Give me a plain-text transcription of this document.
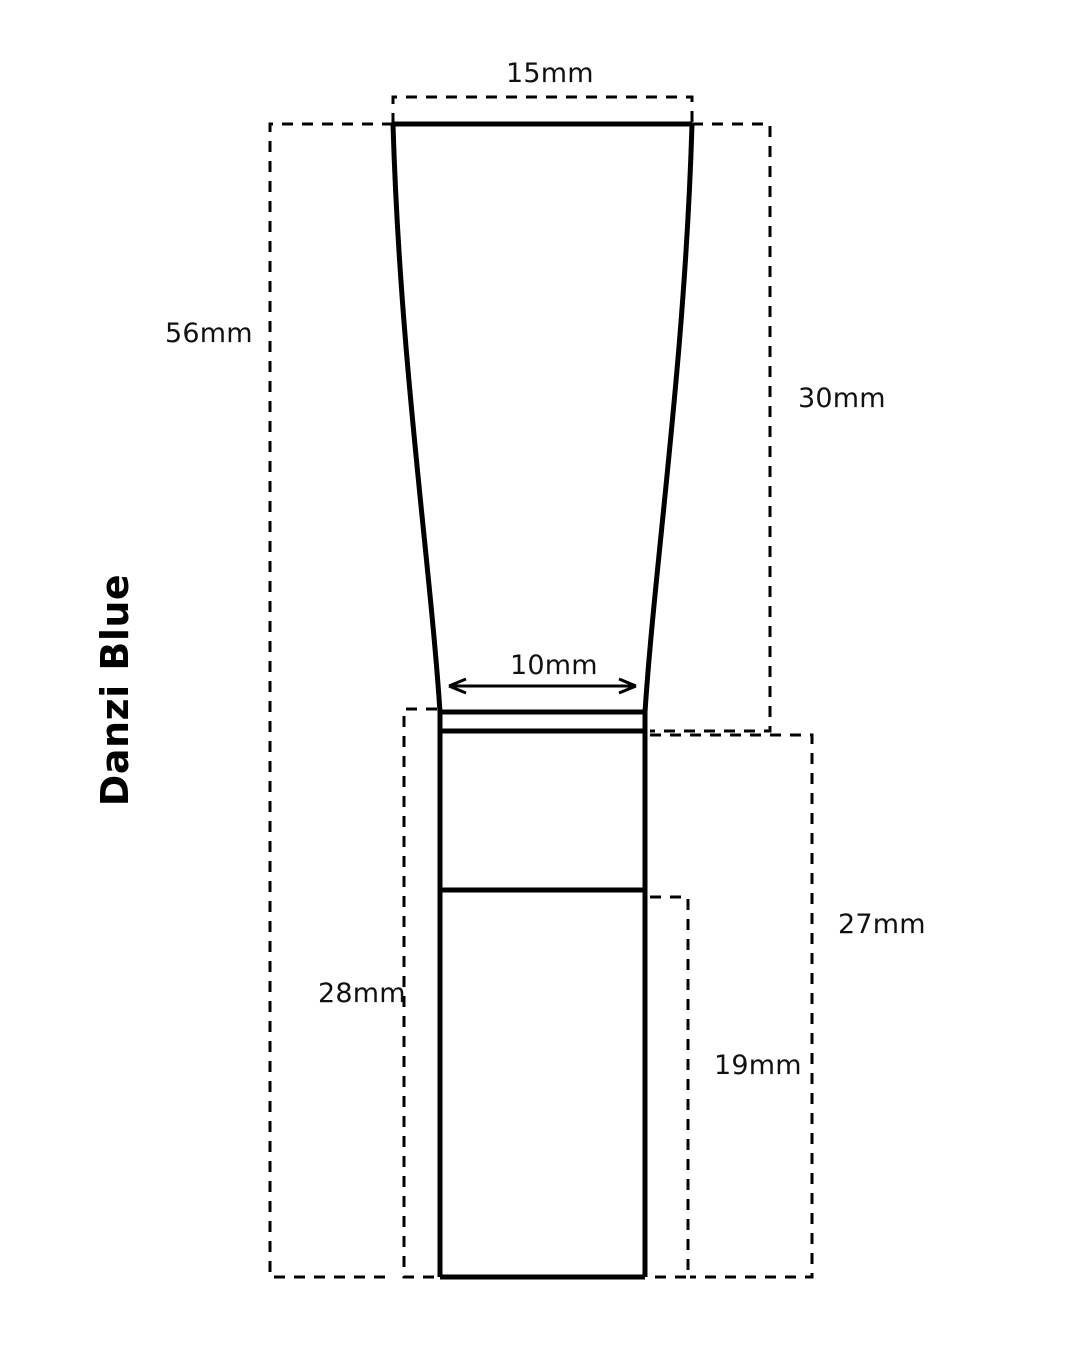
15mm
56mm
30mm
10mm
28mm
27mm
19mm
Danzi Blue
